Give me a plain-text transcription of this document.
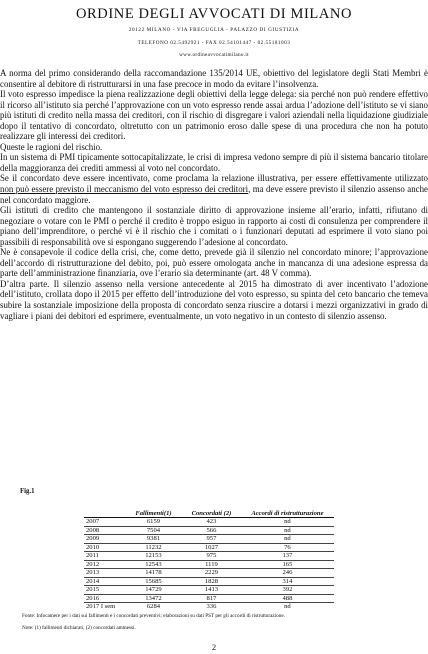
ORDINE DEGLI AVVOCATI DI MILANO
20122 MILANO - VIA FREGUGLIA - PALAZZO DI GIUSTIZIA
TELEFONO 02.5492921 - FAX 02.54101447 - 02.55181003
www.ordineavvocatimilano.it

A norma del primo considerando della raccomandazione 135/2014 UE, obiettivo del legislatore degli Stati Membri è consentire al debitore di ristrutturarsi in una fase precoce in modo da evitare l’insolvenza.

Il voto espresso impedisce la piena realizzazione degli obiettivi della legge delega: sia perché non può rendere effettivo il ricorso all’istituto sia perché l’approvazione con un voto espresso rende assai ardua l’adozione dell’istituto se vi siano più istituti di credito nella massa dei creditori, con il rischio di disgregare i valori aziendali nella liquidazione giudiziale dopo il tentativo di concordato, oltretutto con un patrimonio eroso dalle spese di una procedura che non ha potuto realizzare gli interessi dei creditori.

Queste le ragioni del rischio.

In un sistema di PMI tipicamente sottocapitalizzate, le crisi di impresa vedono sempre di più il sistema bancario titolare della maggioranza dei crediti ammessi al voto nel concordato.

Se il concordato deve essere incentivato, come proclama la relazione illustrativa, per essere effettivamente utilizzato non può essere previsto il meccanismo del voto espresso dei creditori, ma deve essere previsto il silenzio assenso anche nel concordato maggiore.

Gli istituti di credito che mantengono il sostanziale diritto di approvazione insieme all’erario, infatti, rifiutano di negoziare o votare con le PMI o perché il credito è troppo esiguo in rapporto ai costi di consulenza per comprendere il piano dell’imprenditore, o perché vi è il rischio che i comitati o i funzionari deputati ad esprimere il voto siano poi passibili di responsabilità ove si espongano suggerendo l’adesione al concordato.

Ne è consapevole il codice della crisi, che, come detto, prevede già il silenzio nel concordato minore; l’approvazione dell’accordo di ristrutturazione del debito, poi, può essere omologata anche in mancanza di una adesione espressa da parte dell’amministrazione finanziaria, ove l’erario sia determinante (art. 48 V comma).

D’altra parte. Il silenzio assenso nella versione antecedente al 2015 ha dimostrato di aver incentivato l’adozione dell’istituto, crollata dopo il 2015 per effetto dell’introduzione del voto espresso, su spinta del ceto bancario che temeva subire la sostanziale imposizione della proposta di concordato senza riuscire a dotarsi i mezzi organizzativi in grado di vagliare i piani dei debitori ed esprimere, eventualmente, un voto negativo in un contesto di silenzio assenso.

Fig.1
	Fallimenti(1)	Concordati (2)	Accordi di ristrutturazione
2007	6159	423	nd
2008	7504	566	nd
2009	9381	957	nd
2010	11232	1027	76
2011	12153	975	137
2012	12543	1119	165
2013	14178	2229	246
2014	15685	1828	314
2015	14729	1413	392
2016	13472	817	488
2017 I sem	6284	336	nd
Fonte: Infocamere per i dati sui fallimenti e i concordati preventivi; elaborazioni su dati PST per gli accordi di ristrutturazione.
Note: (1) fallimenti dichiarati, (2) concordati ammessi.
2
